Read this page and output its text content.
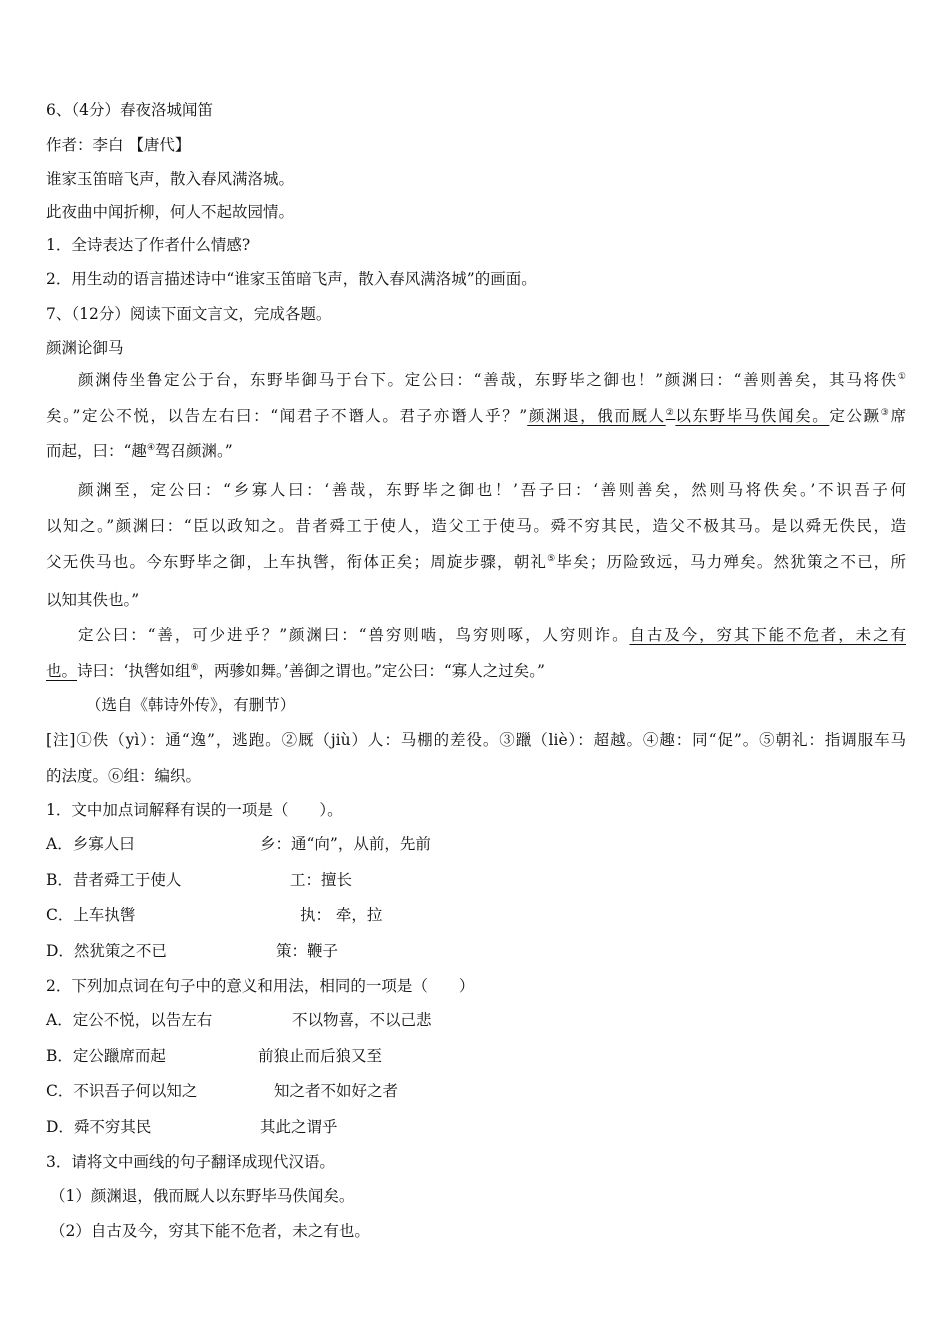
6、（4分）春夜洛城闻笛
作者：李白 【唐代】
谁家玉笛暗飞声，散入春风满洛城。
此夜曲中闻折柳，何人不起故园情。
1．全诗表达了作者什么情感?
2．用生动的语言描述诗中“谁家玉笛暗飞声，散入春风满洛城”的画面。
7、（12分）阅读下面文言文，完成各题。
颜渊论御马
颜渊侍坐鲁定公于台，东野毕御马于台下。定公曰：“善哉，东野毕之御也！”颜渊曰：“善则善矣，其马将佚①
矣。”定公不悦，以告左右曰：“闻君子不谮人。君子亦谮人乎？”颜渊退，俄而厩人②以东野毕马佚闻矣。定公蹶③席
而起，曰：“趣④驾召颜渊。”
颜渊至，定公曰：“乡寡人曰：‘善哉，东野毕之御也！’吾子曰：‘善则善矣，然则马将佚矣。’不识吾子何
以知之。”颜渊曰：“臣以政知之。昔者舜工于使人，造父工于使马。舜不穷其民，造父不极其马。是以舜无佚民，造
父无佚马也。今东野毕之御，上车执辔，衔体正矣；周旋步骤，朝礼⑤毕矣；历险致远，马力殚矣。然犹策之不已，所
以知其佚也。”
定公曰：“善，可少进乎？”颜渊曰：“兽穷则啮，鸟穷则啄，人穷则诈。自古及今，穷其下能不危者，未之有
也。诗曰：‘执辔如组⑥，两骖如舞。’善御之谓也。”定公曰：“寡人之过矣。”
（选自《韩诗外传》，有删节）
[注]①佚（yì）：通“逸”，逃跑。②厩（jiù）人：马棚的差役。③躐（liè）：超越。④趣：同“促”。⑤朝礼：指调服车马
的法度。⑥组：编织。
1．文中加点词解释有误的一项是（　　）。
A．乡寡人曰	乡：通“向”，从前，先前
B．昔者舜工于使人	工：擅长
C．上车执辔	执： 牵，拉
D．然犹策之不已	策：鞭子
2．下列加点词在句子中的意义和用法，相同的一项是（　　）
A．定公不悦，以告左右	不以物喜，不以己悲
B．定公躐席而起	前狼止而后狼又至
C．不识吾子何以知之	知之者不如好之者
D．舜不穷其民	其此之谓乎
3．请将文中画线的句子翻译成现代汉语。
（1）颜渊退，俄而厩人以东野毕马佚闻矣。
（2）自古及今，穷其下能不危者，未之有也。
